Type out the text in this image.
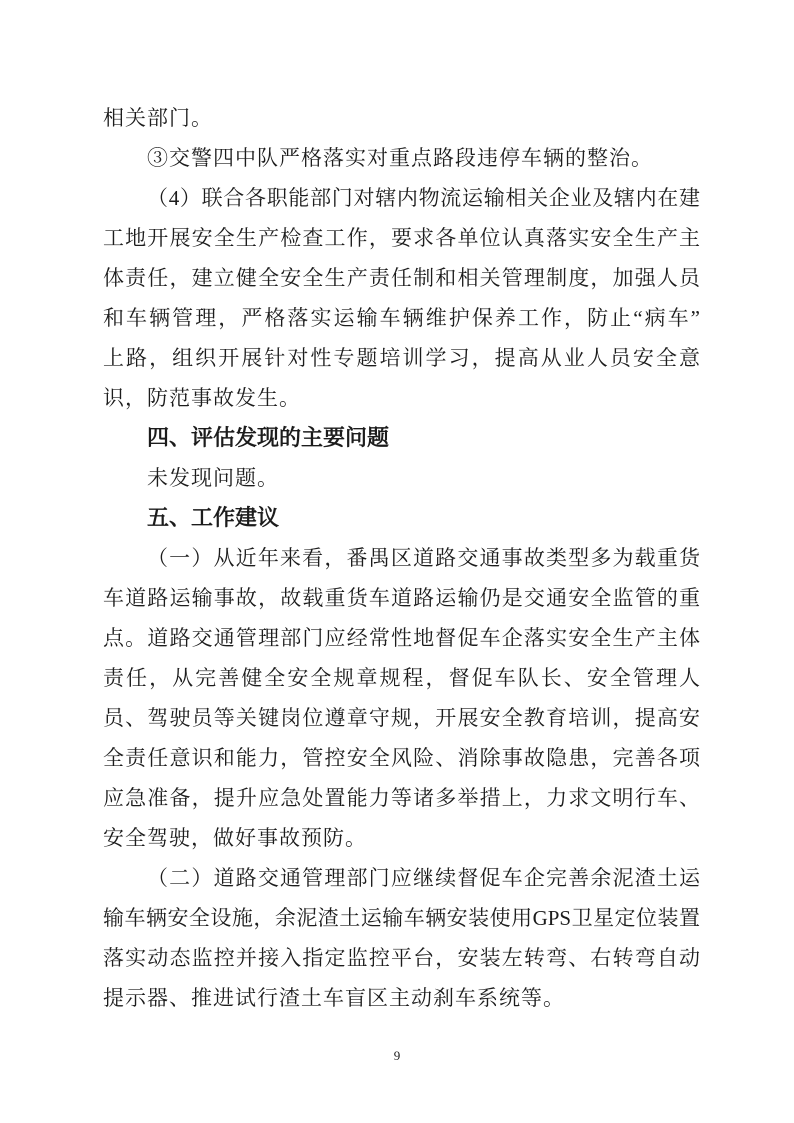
相关部门。
③交警四中队严格落实对重点路段违停车辆的整治。
（4）联合各职能部门对辖内物流运输相关企业及辖内在建
工地开展安全生产检查工作，要求各单位认真落实安全生产主
体责任，建立健全安全生产责任制和相关管理制度，加强人员
和车辆管理，严格落实运输车辆维护保养工作，防止“病车”
上路，组织开展针对性专题培训学习，提高从业人员安全意
识，防范事故发生。
四、评估发现的主要问题
未发现问题。
五、工作建议
（一）从近年来看，番禺区道路交通事故类型多为载重货
车道路运输事故，故载重货车道路运输仍是交通安全监管的重
点。道路交通管理部门应经常性地督促车企落实安全生产主体
责任，从完善健全安全规章规程，督促车队长、安全管理人
员、驾驶员等关键岗位遵章守规，开展安全教育培训，提高安
全责任意识和能力，管控安全风险、消除事故隐患，完善各项
应急准备，提升应急处置能力等诸多举措上，力求文明行车、
安全驾驶，做好事故预防。
（二）道路交通管理部门应继续督促车企完善余泥渣土运
输车辆安全设施，余泥渣土运输车辆安装使用GPS卫星定位装置
落实动态监控并接入指定监控平台，安装左转弯、右转弯自动
提示器、推进试行渣土车盲区主动刹车系统等。
9
